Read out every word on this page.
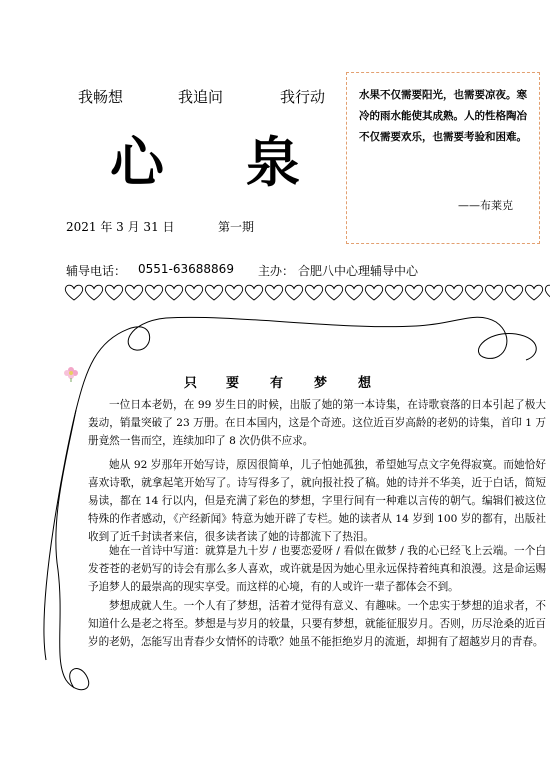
我畅想	我追问	我行动
心 泉
2021 年 3 月 31 日	第一期
水果不仅需要阳光，也需要凉夜。寒冷的雨水能使其成熟。人的性格陶冶不仅需要欢乐，也需要考验和困难。
——布莱克
辅导电话： 0551-63688869 主办： 合肥八中心理辅导中心
只 要 有 梦 想
一位日本老奶，在 99 岁生日的时候，出版了她的第一本诗集，在诗歌衰落的日本引起了极大轰动，销量突破了 23 万册。在日本国内，这是个奇迹。这位近百岁高龄的老奶的诗集，首印 1 万册竟然一售而空，连续加印了 8 次仍供不应求。
她从 92 岁那年开始写诗，原因很简单，儿子怕她孤独，希望她写点文字免得寂寞。而她恰好喜欢诗歌，就拿起笔开始写了。诗写得多了，就向报社投了稿。她的诗并不华美，近于白话，简短易读，都在 14 行以内，但是充满了彩色的梦想，字里行间有一种难以言传的朝气。编辑们被这位特殊的作者感动，《产经新闻》特意为她开辟了专栏。她的读者从 14 岁到 100 岁的都有，出版社收到了近千封读者来信，很多读者读了她的诗都流下了热泪。
她在一首诗中写道：就算是九十岁 / 也要恋爱呀 / 看似在做梦 / 我的心已经飞上云端。一个白发苍苍的老奶写的诗会有那么多人喜欢，或许就是因为她心里永远保持着纯真和浪漫。这是命运赐予追梦人的最崇高的现实享受。而这样的心境，有的人或许一辈子都体会不到。
梦想成就人生。一个人有了梦想，活着才觉得有意义、有趣味。一个忠实于梦想的追求者，不知道什么是老之将至。梦想是与岁月的较量，只要有梦想，就能征服岁月。否则，历尽沧桑的近百岁的老奶，怎能写出青春少女情怀的诗歌？她虽不能拒绝岁月的流逝，却拥有了超越岁月的青春。
